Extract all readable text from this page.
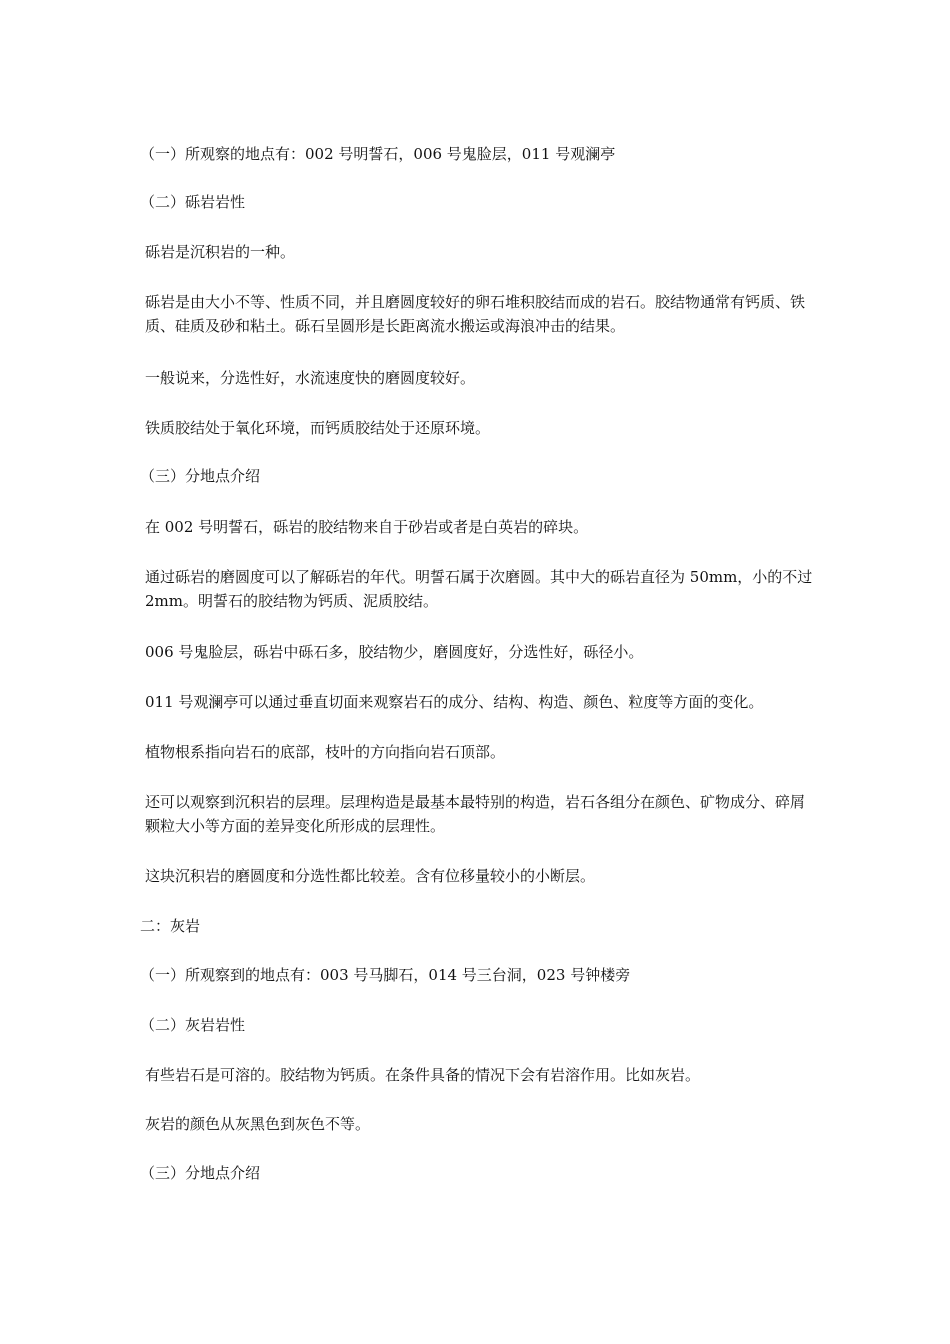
（一）所观察的地点有：002 号明誓石，006 号鬼脸层，011 号观澜亭

（二）砾岩岩性

砾岩是沉积岩的一种。

砾岩是由大小不等、性质不同，并且磨圆度较好的卵石堆积胶结而成的岩石。胶结物通常有钙质、铁质、硅质及砂和粘土。砾石呈圆形是长距离流水搬运或海浪冲击的结果。

一般说来，分选性好，水流速度快的磨圆度较好。

铁质胶结处于氧化环境，而钙质胶结处于还原环境。

（三）分地点介绍

在 002 号明誓石，砾岩的胶结物来自于砂岩或者是白英岩的碎块。

通过砾岩的磨圆度可以了解砾岩的年代。明誓石属于次磨圆。其中大的砾岩直径为 50mm，小的不过 2mm。明誓石的胶结物为钙质、泥质胶结。

006 号鬼脸层，砾岩中砾石多，胶结物少，磨圆度好，分选性好，砾径小。

011 号观澜亭可以通过垂直切面来观察岩石的成分、结构、构造、颜色、粒度等方面的变化。

植物根系指向岩石的底部，枝叶的方向指向岩石顶部。

还可以观察到沉积岩的层理。层理构造是最基本最特别的构造，岩石各组分在颜色、矿物成分、碎屑颗粒大小等方面的差异变化所形成的层理性。

这块沉积岩的磨圆度和分选性都比较差。含有位移量较小的小断层。

二：灰岩

（一）所观察到的地点有：003 号马脚石，014 号三台洞，023 号钟楼旁

（二）灰岩岩性

有些岩石是可溶的。胶结物为钙质。在条件具备的情况下会有岩溶作用。比如灰岩。

灰岩的颜色从灰黑色到灰色不等。

（三）分地点介绍
